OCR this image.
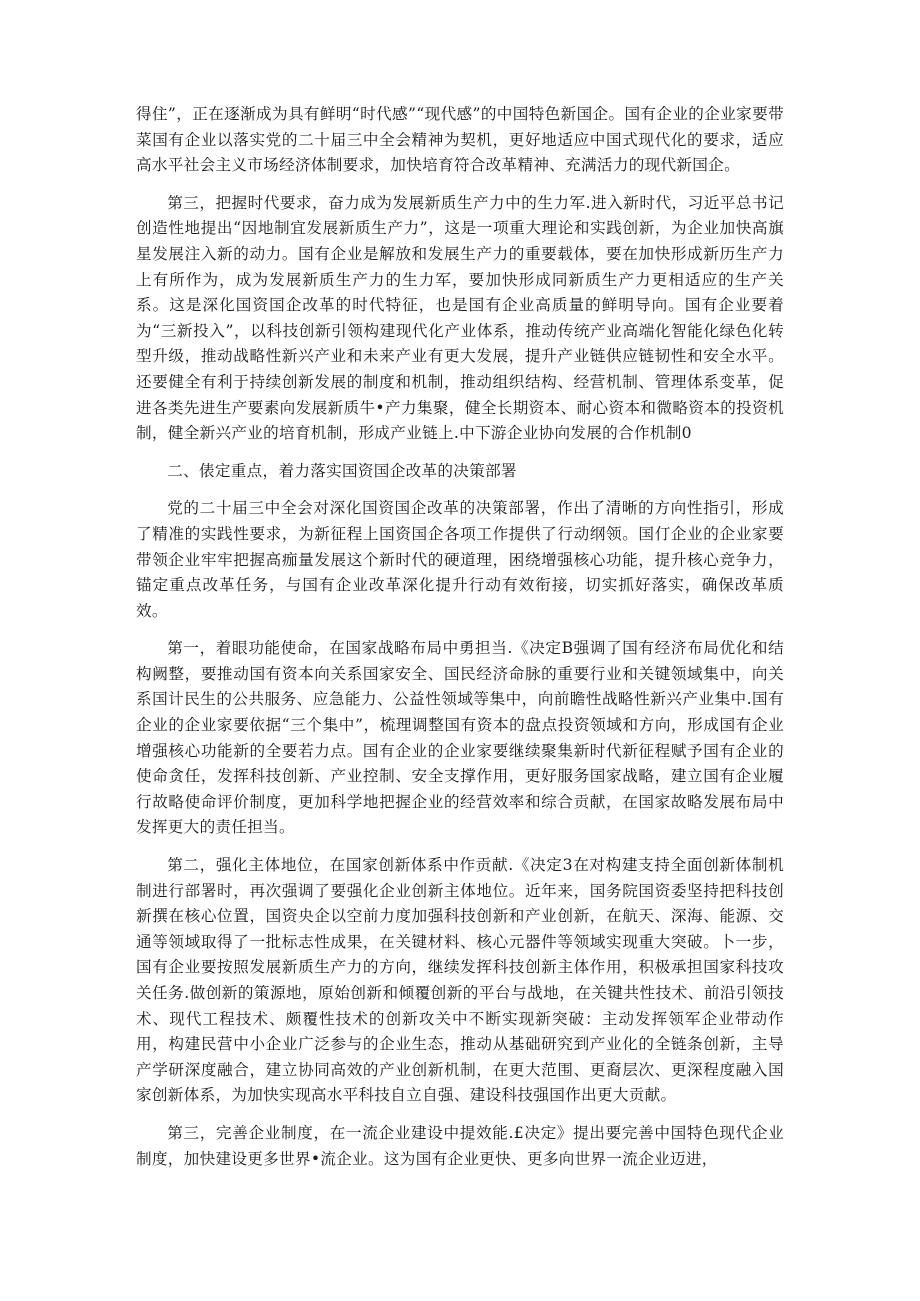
得住”，正在逐渐成为具有鲜明“时代感”“现代感”的中国特色新国企。国有企业的企业家要带菜国有企业以落实党的二十届三中全会精神为契机，更好地适应中国式现代化的要求，适应高水平社会主义市场经济体制要求，加快培育符合改革精神、充满活力的现代新国企。

第三，把握时代要求，奋力成为发展新质生产力中的生力军.进入新时代，习近平总书记创造性地提出“因地制宜发展新质生产力”，这是一项重大理论和实践创新，为企业加快高旗星发展注入新的动力。国有企业是解放和发展生产力的重要载体，要在加快形成新历生产力上有所作为，成为发展新质生产力的生力军，要加快形成同新质生产力更相适应的生产关系。这是深化国资国企改革的时代特征，也是国有企业高质量的鲜明导向。国有企业要着为“三新投入”，以科技创新引领构建现代化产业体系，推动传统产业高端化智能化绿色化转型升级，推动战略性新兴产业和未来产业有更大发展，提升产业链供应链韧性和安全水平。还要健全有利于持续创新发展的制度和机制，推动组织结构、经营机制、管理体系变革，促进各类先进生产要素向发展新质牛•产力集聚，健全长期资本、耐心资本和微略资本的投资机制，健全新兴产业的培育机制，形成产业链上.中下游企业协向发展的合作机制0

二、俵定重点，着力落实国资国企改革的决策部署

党的二十届三中全会对深化国资国企改革的决策部署，作出了清晰的方向性指引，形成了精准的实践性要求，为新征程上国资国企各项工作提供了行动纲领。国仃企业的企业家要带领企业牢牢把握高痂量发展这个新时代的硬道理，困绕增强核心功能，提升核心竞争力，锚定重点改革任务，与国有企业改革深化提升行动有效衔接，切实抓好落实，确保改革质效。

第一，着眼功能使命，在国家战略布局中勇担当.《决定B强调了国有经济布局优化和结构阙整，要推动国有资本向关系国家安全、国民经济命脉的重要行业和关键领域集中，向关系国计民生的公共服务、应急能力、公益性领域等集中，向前瞻性战略性新兴产业集中.国有企业的企业家要依据“三个集中”，梳理调整国有资本的盘点投资领域和方向，形成国有企业增强核心功能新的全要若力点。国有企业的企业家要继续聚集新时代新征程赋予国有企业的使命贪任，发挥科技创新、产业控制、安全支撑作用，更好服务国家战略，建立国有企业履行故略使命评价制度，更加科学地把握企业的经营效率和综合贡献，在国家故略发展布局中发挥更大的责任担当。

第二，强化主体地位，在国家创新体系中作贡献.《决定3在对构建支持全面创新体制机制进行部署时，再次强调了要强化企业创新主体地位。近年来，国务院国资委坚持把科技创新撰在核心位置，国资央企以空前力度加强科技创新和产业创新，在航天、深海、能源、交通等领域取得了一批标志性成果，在关键材料、核心元器件等领域实现重大突破。卜一步，国有企业要按照发展新质生产力的方向，继续发挥科技创新主体作用，积极承担国家科技攻关任务.做创新的策源地，原始创新和倾覆创新的平台与战地，在关键共性技术、前沿引领技术、现代工程技术、颇覆性技术的创新攻关中不断实现新突破：主动发挥领军企业带动作用，构建民营中小企业广泛参与的企业生态，推动从基础研究到产业化的全链条创新，主导产学研深度融合，建立协同高效的产业创新机制，在更大范围、更裔层次、更深程度融入国家创新体系，为加快实现高水平科技自立自强、建设科技强国作出更大贡献。

第三，完善企业制度，在一流企业建设中提效能.£决定》提出要完善中国特色现代企业制度，加快建设更多世界•流企业。这为国有企业更快、更多向世界一流企业迈进，
